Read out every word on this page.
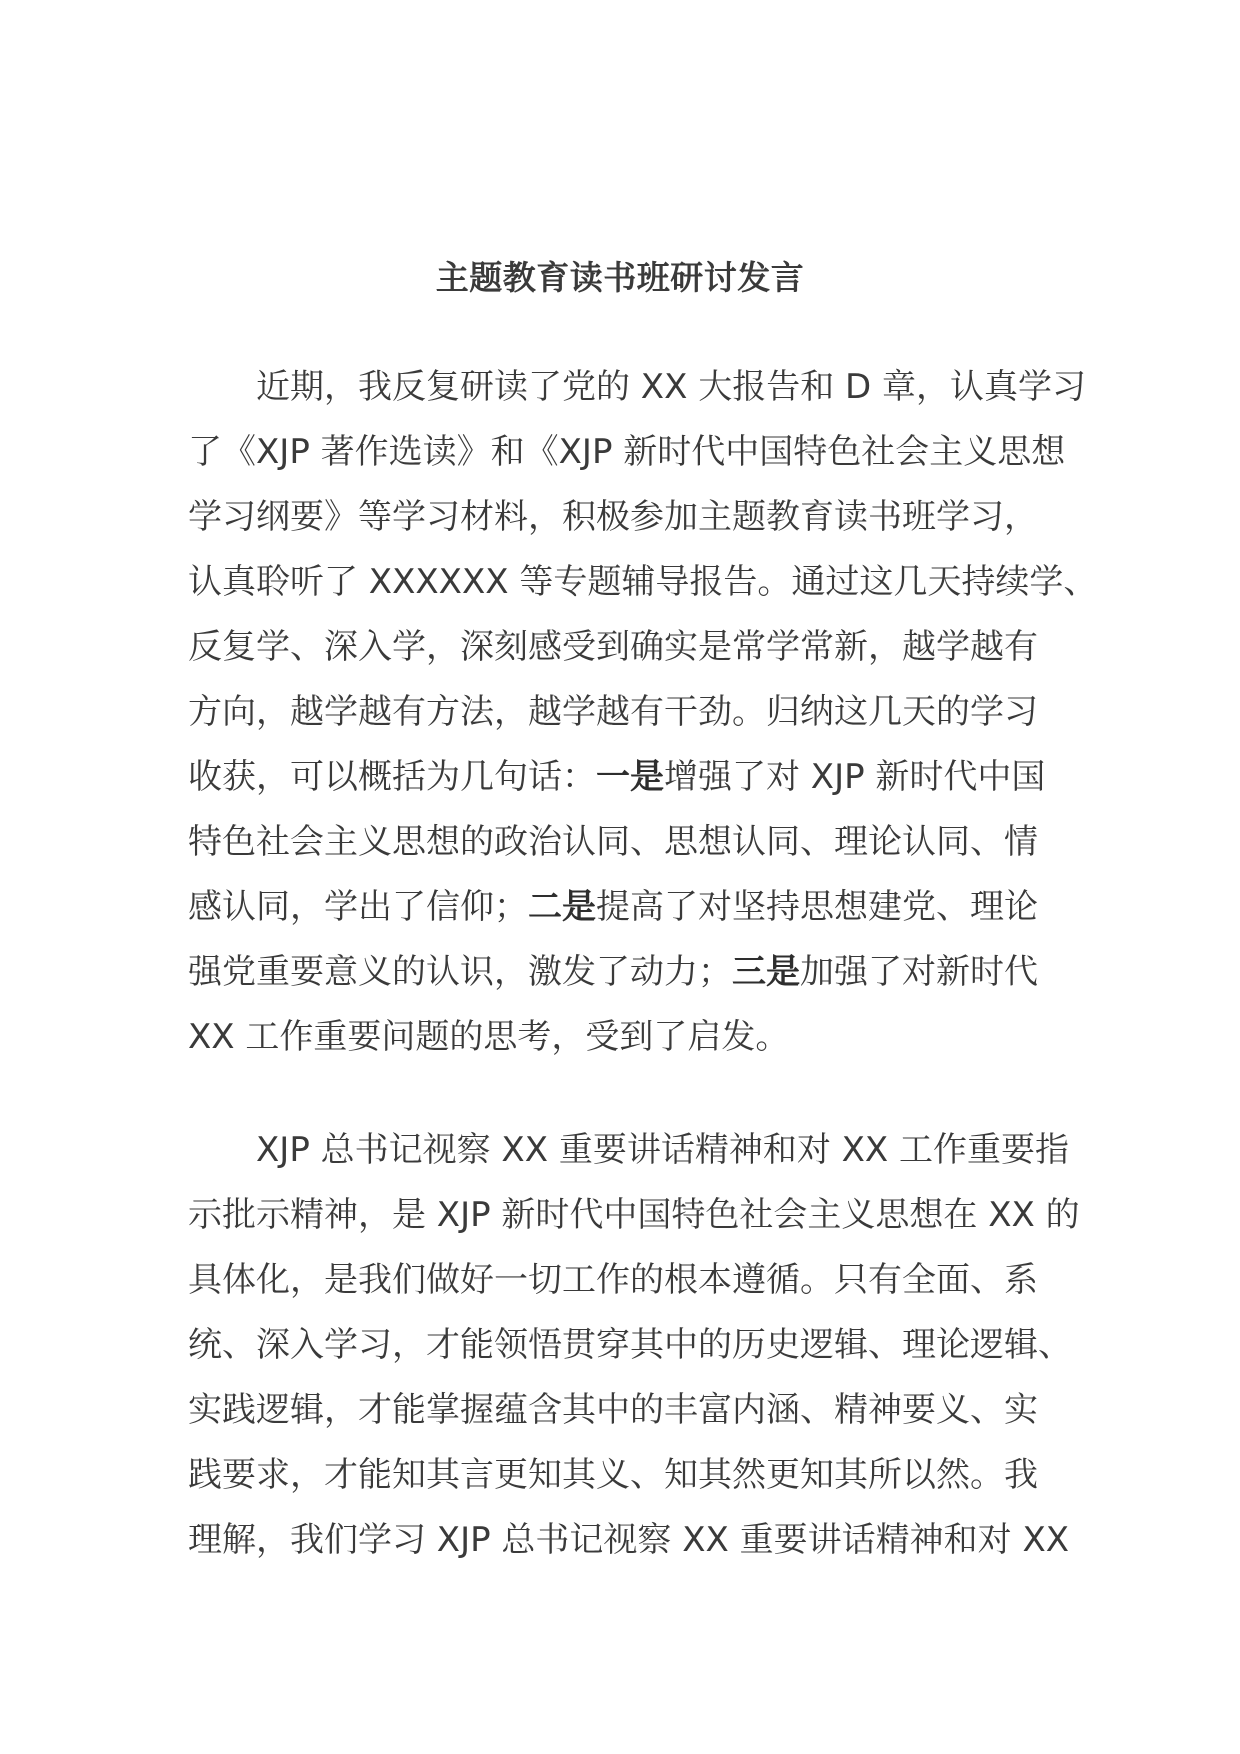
主题教育读书班研讨发言
近期，我反复研读了党的 XX 大报告和 D 章，认真学习
了《XJP 著作选读》和《XJP 新时代中国特色社会主义思想
学习纲要》等学习材料，积极参加主题教育读书班学习，
认真聆听了 XXXXXX 等专题辅导报告。通过这几天持续学、
反复学、深入学，深刻感受到确实是常学常新，越学越有
方向，越学越有方法，越学越有干劲。归纳这几天的学习
收获，可以概括为几句话：一是增强了对 XJP 新时代中国
特色社会主义思想的政治认同、思想认同、理论认同、情
感认同，学出了信仰；二是提高了对坚持思想建党、理论
强党重要意义的认识，激发了动力；三是加强了对新时代
XX 工作重要问题的思考，受到了启发。
XJP 总书记视察 XX 重要讲话精神和对 XX 工作重要指
示批示精神，是 XJP 新时代中国特色社会主义思想在 XX 的
具体化，是我们做好一切工作的根本遵循。只有全面、系
统、深入学习，才能领悟贯穿其中的历史逻辑、理论逻辑、
实践逻辑，才能掌握蕴含其中的丰富内涵、精神要义、实
践要求，才能知其言更知其义、知其然更知其所以然。我
理解，我们学习 XJP 总书记视察 XX 重要讲话精神和对 XX
